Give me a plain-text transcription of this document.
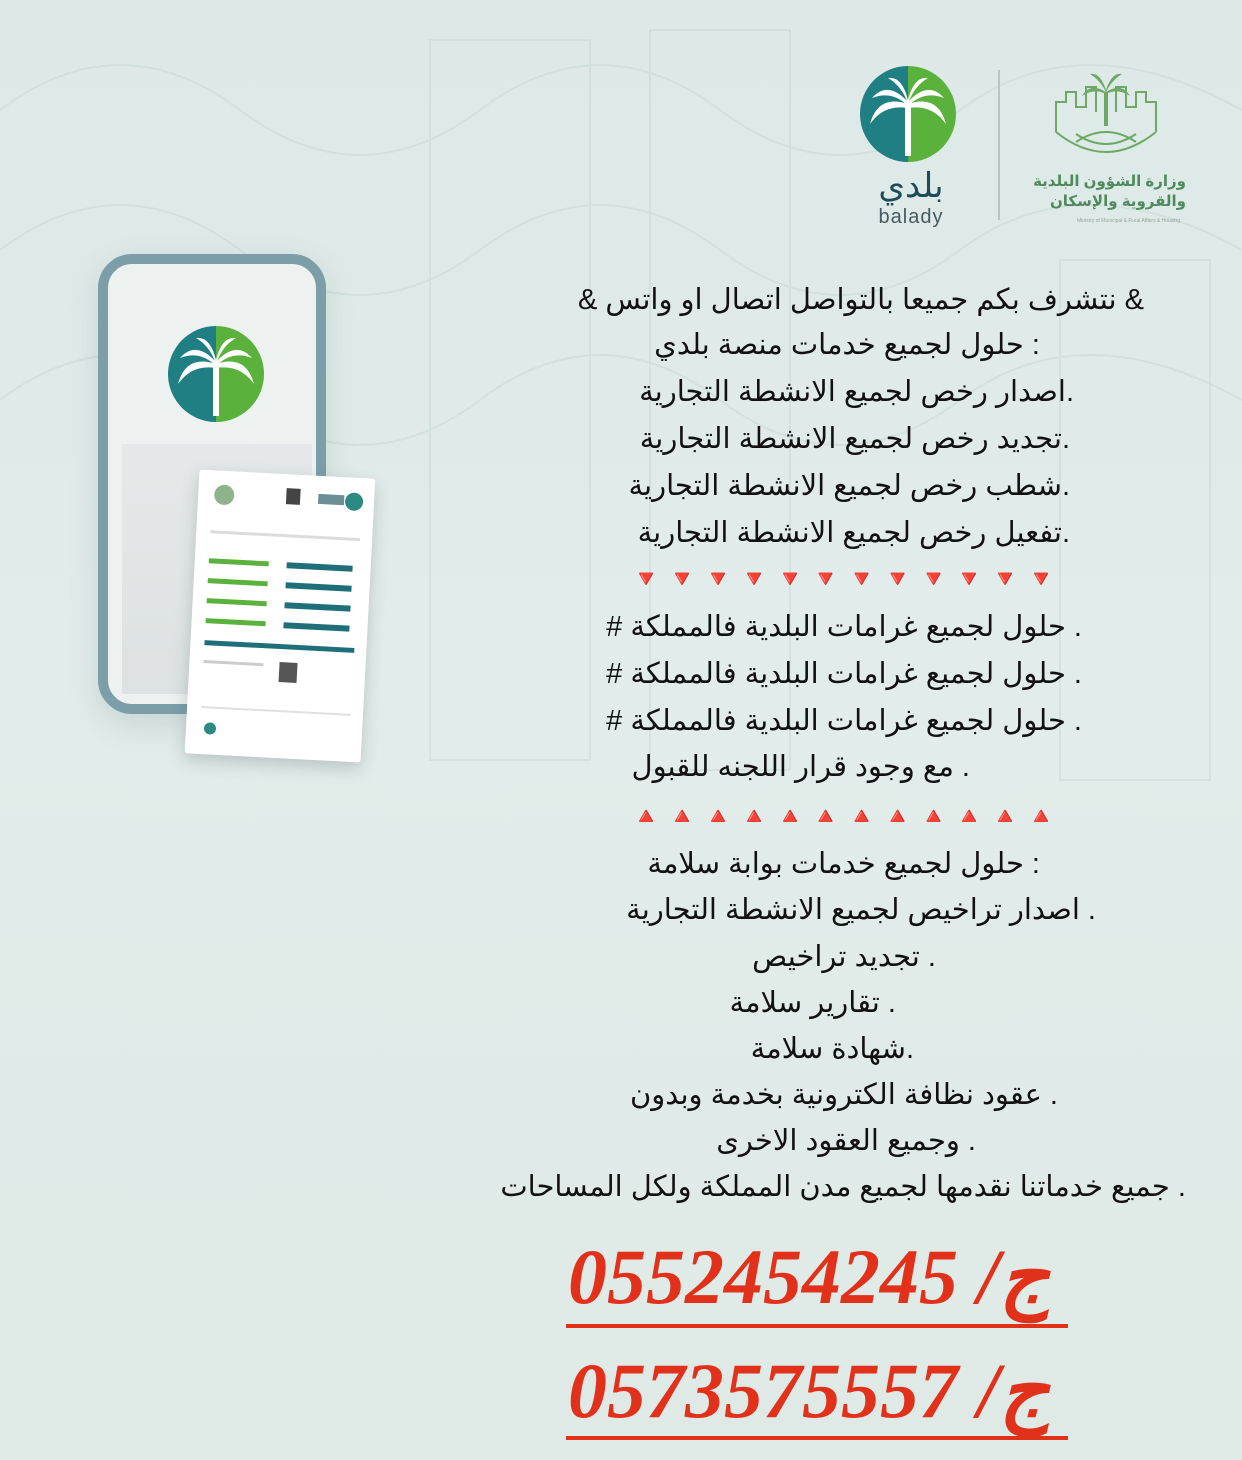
بلدي
balady
وزارة الشؤون البلدية
والقروية والإسكان
Ministry of Municipal & Rural Affairs & Housing
& نتشرف بكم جميعا بالتواصل اتصال او واتس &
حلول لجميع خدمات منصة بلدي :
اصدار رخص لجميع الانشطة التجارية.
تجديد رخص لجميع الانشطة التجارية.
شطب رخص لجميع الانشطة التجارية.
تفعيل رخص لجميع الانشطة التجارية.
🔻🔻🔻🔻🔻🔻🔻🔻🔻🔻🔻🔻
# حلول لجميع غرامات البلدية فالمملكة .
# حلول لجميع غرامات البلدية فالمملكة .
# حلول لجميع غرامات البلدية فالمملكة .
مع وجود قرار اللجنه للقبول .
🔺🔺🔺🔺🔺🔺🔺🔺🔺🔺🔺🔺
حلول لجميع خدمات بوابة سلامة :
اصدار تراخيص لجميع الانشطة التجارية .
تجديد تراخيص .
تقارير سلامة .
شهادة سلامة.
عقود نظافة الكترونية بخدمة وبدون .
وجميع العقود الاخرى .
جميع خدماتنا نقدمها لجميع مدن المملكة ولكل المساحات .
ج/ 0552454245
ج/ 0573575557
